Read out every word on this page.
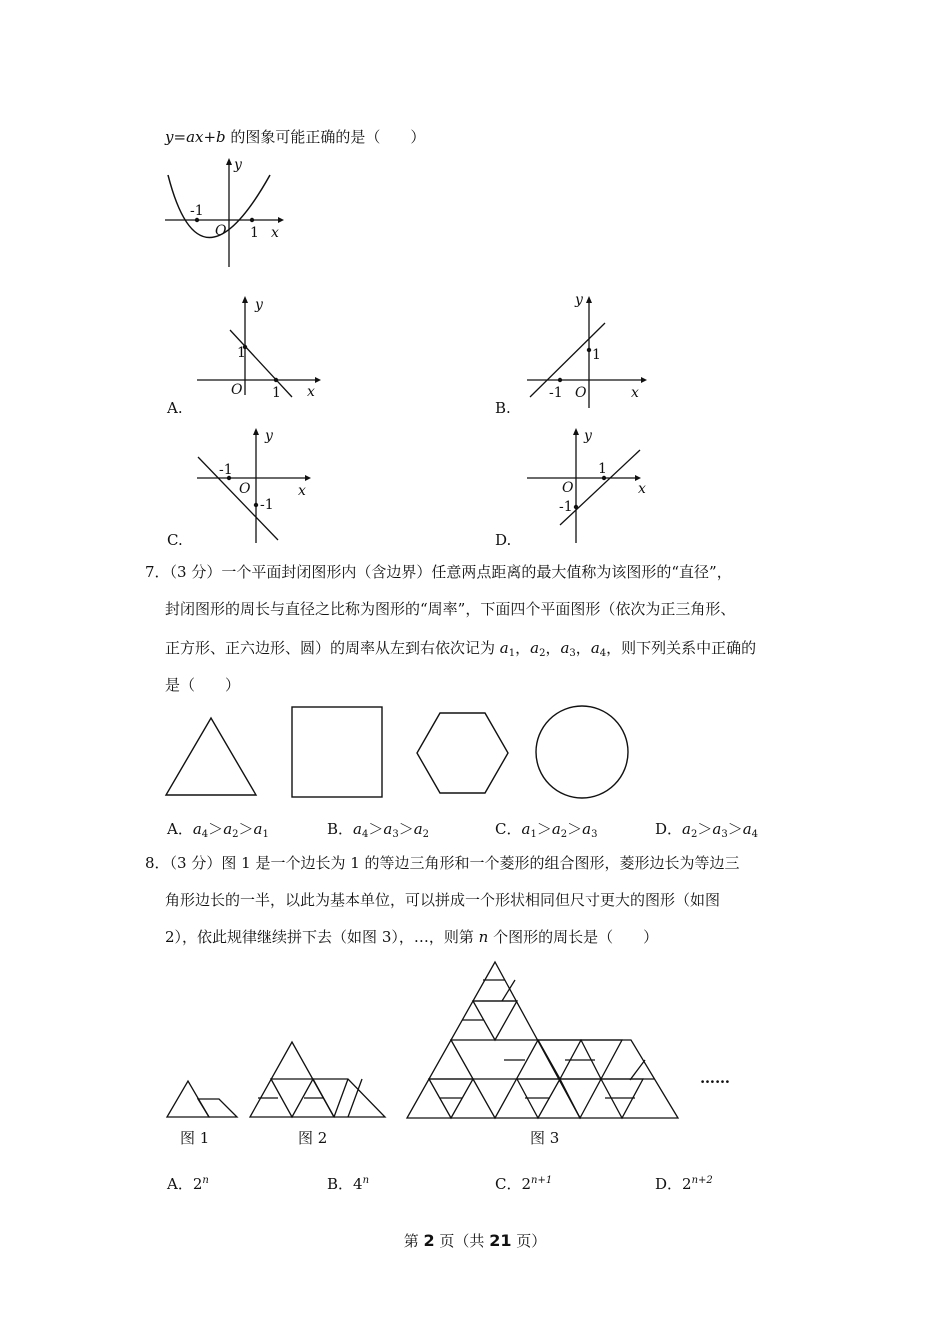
y=ax+b 的图象可能正确的是（　　）
-1
O 1 x
y
A.
1
1
O	x
y
B.
-1
1
O	x
y
C.
-1
-1
O	x
y
D.
1
-1
O	x
y
7．（3 分）一个平面封闭图形内（含边界）任意两点距离的最大值称为该图形的“直径”，
封闭图形的周长与直径之比称为图形的“周率”，下面四个平面图形（依次为正三角形、
正方形、正六边形、圆）的周率从左到右依次记为 $a_1$，$a_2$，$a_3$，$a_4$，则下列关系中正确的
是（　　）
A．$a_4>a_2>a_1$	B．$a_4>a_3>a_2$	C．$a_1>a_2>a_3$	D．$a_2>a_3>a_4$
8．（3 分）图 1 是一个边长为 1 的等边三角形和一个菱形的组合图形，菱形边长为等边三
角形边长的一半，以此为基本单位，可以拼成一个形状相同但尺寸更大的图形（如图
2），依此规律继续拼下去（如图 3），…，则第 n 个图形的周长是（　　）
……
图 1	图 2	图 3
A．2$^n$	B．4$^n$	C．$2^{n+1}$	D．$2^{n+2}$
第 2 页（共 21 页）
